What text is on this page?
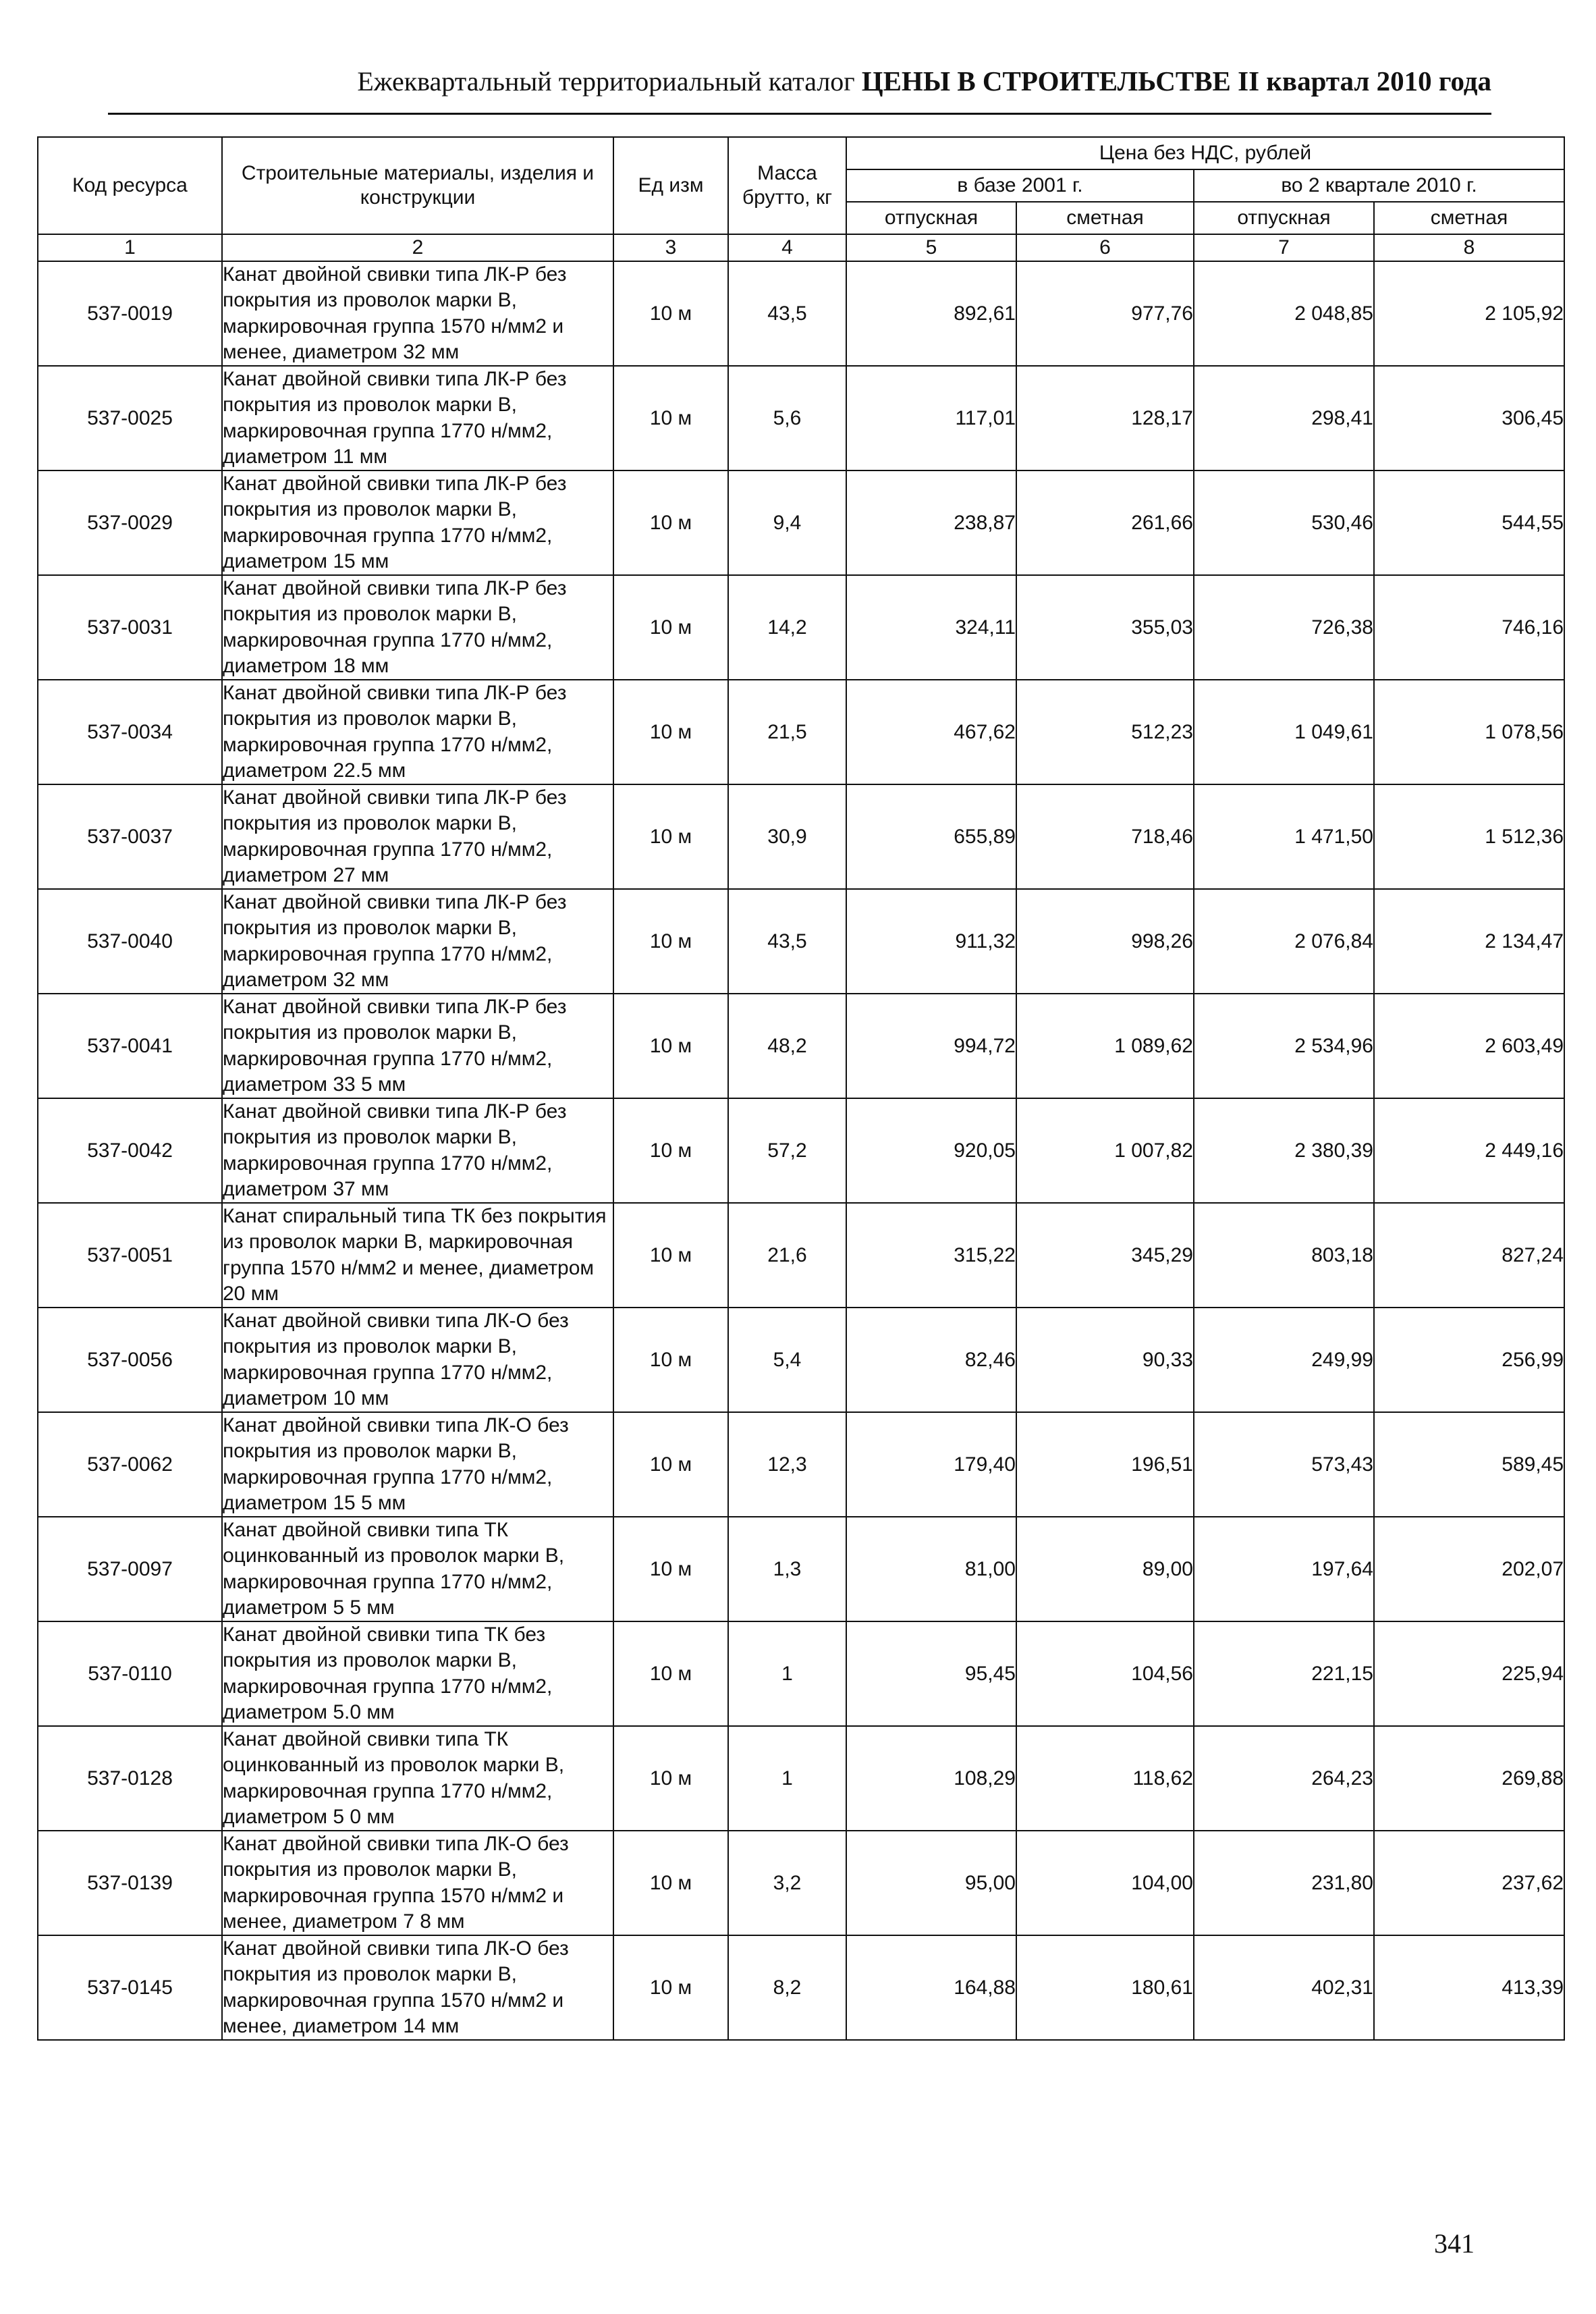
Ежеквартальный территориальный каталог ЦЕНЫ В СТРОИТЕЛЬСТВЕ II квартал 2010 года
Код ресурса	Строительные материалы, изделия и конструкции	Ед изм	Масса брутто, кг	Цена без НДС, рублей			
				в базе 2001 г.		во 2 квартале 2010 г.	
				отпускная	сметная	отпускная	сметная
1	2	3	4	5	6	7	8
537-0019	Канат двойной свивки типа ЛК-Р без покрытия из проволок марки В, маркировочная группа 1570 н/мм2 и менее, диаметром 32 мм	10 м	43,5	892,61	977,76	2 048,85	2 105,92
537-0025	Канат двойной свивки типа ЛК-Р без покрытия из проволок марки В, маркировочная группа 1770 н/мм2, диаметром 11 мм	10 м	5,6	117,01	128,17	298,41	306,45
537-0029	Канат двойной свивки типа ЛК-Р без покрытия из проволок марки В, маркировочная группа 1770 н/мм2, диаметром 15 мм	10 м	9,4	238,87	261,66	530,46	544,55
537-0031	Канат двойной свивки типа ЛК-Р без покрытия из проволок марки В, маркировочная группа 1770 н/мм2, диаметром 18 мм	10 м	14,2	324,11	355,03	726,38	746,16
537-0034	Канат двойной свивки типа ЛК-Р без покрытия из проволок марки В, маркировочная группа 1770 н/мм2, диаметром 22.5 мм	10 м	21,5	467,62	512,23	1 049,61	1 078,56
537-0037	Канат двойной свивки типа ЛК-Р без покрытия из проволок марки В, маркировочная группа 1770 н/мм2, диаметром 27 мм	10 м	30,9	655,89	718,46	1 471,50	1 512,36
537-0040	Канат двойной свивки типа ЛК-Р без покрытия из проволок марки В, маркировочная группа 1770 н/мм2, диаметром 32 мм	10 м	43,5	911,32	998,26	2 076,84	2 134,47
537-0041	Канат двойной свивки типа ЛК-Р без покрытия из проволок марки В, маркировочная группа 1770 н/мм2, диаметром 33 5 мм	10 м	48,2	994,72	1 089,62	2 534,96	2 603,49
537-0042	Канат двойной свивки типа ЛК-Р без покрытия из проволок марки В, маркировочная группа 1770 н/мм2, диаметром 37 мм	10 м	57,2	920,05	1 007,82	2 380,39	2 449,16
537-0051	Канат спиральный типа ТК без покрытия из проволок марки В, маркировочная группа 1570 н/мм2 и менее, диаметром 20 мм	10 м	21,6	315,22	345,29	803,18	827,24
537-0056	Канат двойной свивки типа ЛК-О без покрытия из проволок марки В, маркировочная группа 1770 н/мм2, диаметром 10 мм	10 м	5,4	82,46	90,33	249,99	256,99
537-0062	Канат двойной свивки типа ЛК-О без покрытия из проволок марки В, маркировочная группа 1770 н/мм2, диаметром 15 5 мм	10 м	12,3	179,40	196,51	573,43	589,45
537-0097	Канат двойной свивки типа ТК оцинкованный из проволок марки В, маркировочная группа 1770 н/мм2, диаметром 5 5 мм	10 м	1,3	81,00	89,00	197,64	202,07
537-0110	Канат двойной свивки типа ТК без покрытия из проволок марки В, маркировочная группа 1770 н/мм2, диаметром 5.0 мм	10 м	1	95,45	104,56	221,15	225,94
537-0128	Канат двойной свивки типа ТК оцинкованный из проволок марки В, маркировочная группа 1770 н/мм2, диаметром 5 0 мм	10 м	1	108,29	118,62	264,23	269,88
537-0139	Канат двойной свивки типа ЛК-О без покрытия из проволок марки В, маркировочная группа 1570 н/мм2 и менее, диаметром 7 8 мм	10 м	3,2	95,00	104,00	231,80	237,62
537-0145	Канат двойной свивки типа ЛК-О без покрытия из проволок марки В, маркировочная группа 1570 н/мм2 и менее, диаметром 14 мм	10 м	8,2	164,88	180,61	402,31	413,39
341
